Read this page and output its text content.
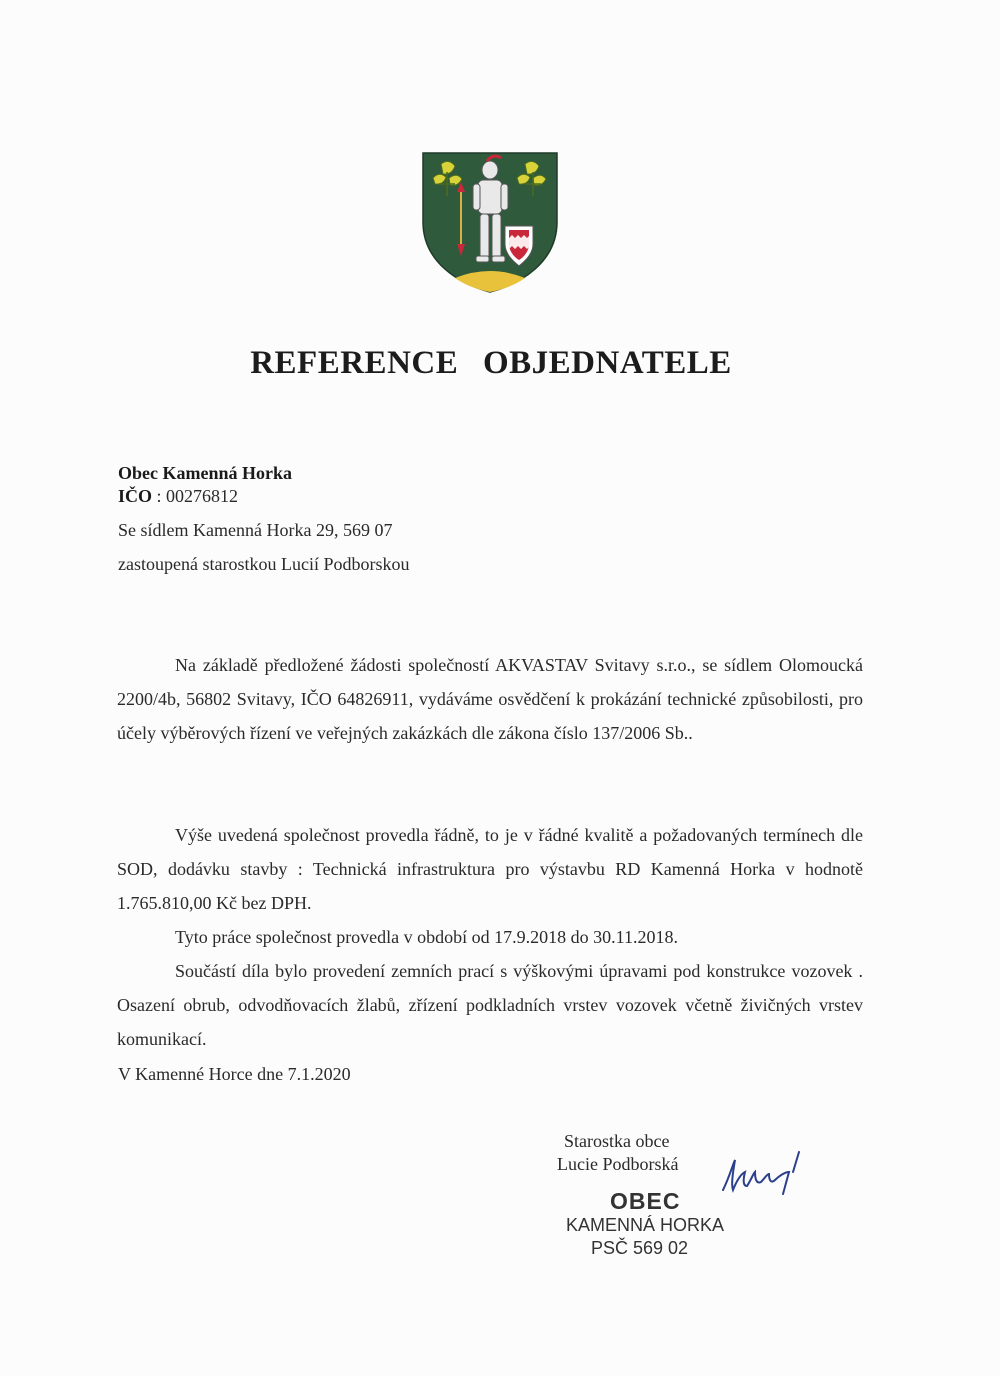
REFERENCE OBJEDNATELE
Obec Kamenná Horka
IČO : 00276812
Se sídlem Kamenná Horka 29, 569 07
zastoupená starostkou Lucií Podborskou
Na základě předložené žádosti společností AKVASTAV Svitavy s.r.o., se sídlem Olomoucká 2200/4b, 56802 Svitavy, IČO 64826911, vydáváme osvědčení k prokázání technické způsobilosti, pro účely výběrových řízení ve veřejných zakázkách dle zákona číslo 137/2006 Sb..
Výše uvedená společnost provedla řádně, to je v řádné kvalitě a požadovaných termínech dle SOD, dodávku stavby : Technická infrastruktura pro výstavbu RD Kamenná Horka v hodnotě 1.765.810,00 Kč bez DPH.
Tyto práce společnost provedla v období od 17.9.2018 do 30.11.2018.
Součástí díla bylo provedení zemních prací s výškovými úpravami pod konstrukce vozovek . Osazení obrub, odvodňovacích žlabů, zřízení podkladních vrstev vozovek včetně živičných vrstev komunikací.
V Kamenné Horce dne 7.1.2020
Starostka obce
Lucie Podborská
OBEC
KAMENNÁ HORKA
PSČ 569 02
